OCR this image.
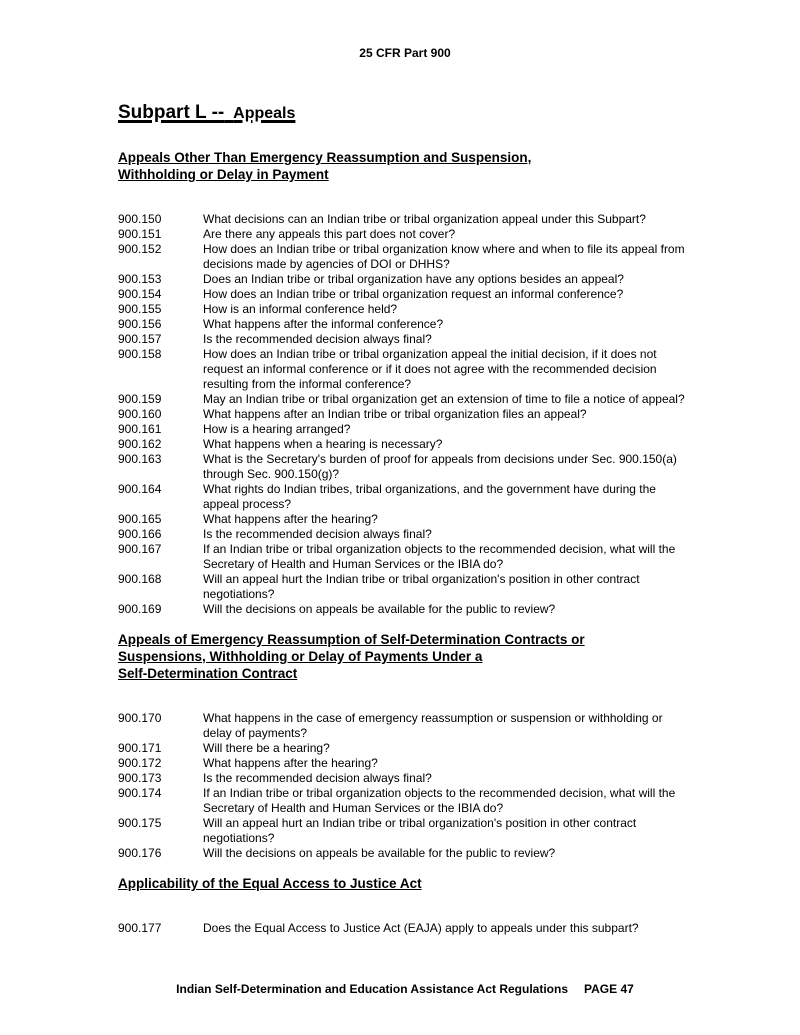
25 CFR Part 900
Subpart L -- Appeals
Appeals Other Than Emergency Reassumption and Suspension,
Withholding or Delay in Payment
900.150	What decisions can an Indian tribe or tribal organization appeal under this Subpart?
900.151	Are there any appeals this part does not cover?
900.152	How does an Indian tribe or tribal organization know where and when to file its appeal from decisions made by agencies of DOI or DHHS?
900.153	Does an Indian tribe or tribal organization have any options besides an appeal?
900.154	How does an Indian tribe or tribal organization request an informal conference?
900.155	How is an informal conference held?
900.156	What happens after the informal conference?
900.157	Is the recommended decision always final?
900.158	How does an Indian tribe or tribal organization appeal the initial decision, if it does not request an informal conference or if it does not agree with the recommended decision resulting from the informal conference?
900.159	May an Indian tribe or tribal organization get an extension of time to file a notice of appeal?
900.160	What happens after an Indian tribe or tribal organization files an appeal?
900.161	How is a hearing arranged?
900.162	What happens when a hearing is necessary?
900.163	What is the Secretary's burden of proof for appeals from decisions under Sec. 900.150(a) through Sec. 900.150(g)?
900.164	What rights do Indian tribes, tribal organizations, and the government have during the appeal process?
900.165	What happens after the hearing?
900.166	Is the recommended decision always final?
900.167	If an Indian tribe or tribal organization objects to the recommended decision, what will the Secretary of Health and Human Services or the IBIA do?
900.168	Will an appeal hurt the Indian tribe or tribal organization's position in other contract negotiations?
900.169	Will the decisions on appeals be available for the public to review?
Appeals of Emergency Reassumption of Self-Determination Contracts or
Suspensions, Withholding or Delay of Payments Under a
Self-Determination Contract
900.170	What happens in the case of emergency reassumption or suspension or withholding or delay of payments?
900.171	Will there be a hearing?
900.172	What happens after the hearing?
900.173	Is the recommended decision always final?
900.174	If an Indian tribe or tribal organization objects to the recommended decision, what will the Secretary of Health and Human Services or the IBIA do?
900.175	Will an appeal hurt an Indian tribe or tribal organization's position in other contract negotiations?
900.176	Will the decisions on appeals be available for the public to review?
Applicability of the Equal Access to Justice Act
900.177	Does the Equal Access to Justice Act (EAJA) apply to appeals under this subpart?
Indian Self-Determination and Education Assistance Act Regulations PAGE 47
